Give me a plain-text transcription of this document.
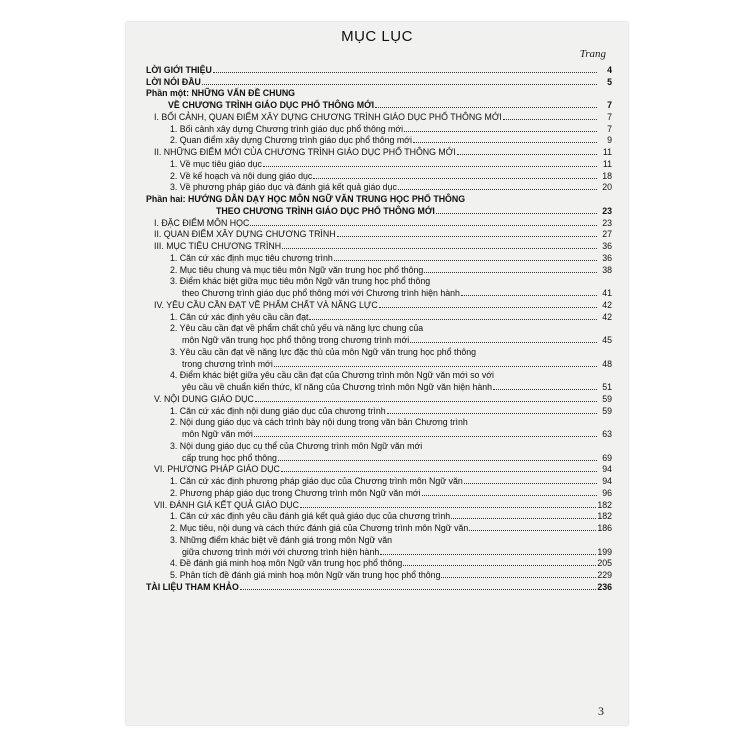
MỤC LỤC
Trang
LỜI GIỚI THIỆU	4
LỜI NÓI ĐẦU	5
Phần một: NHỮNG VẤN ĐỀ CHUNG
VỀ CHƯƠNG TRÌNH GIÁO DỤC PHỔ THÔNG MỚI	7
I. BỐI CẢNH, QUAN ĐIỂM XÂY DỰNG CHƯƠNG TRÌNH GIÁO DỤC PHỔ THÔNG MỚI	7
1. Bối cảnh xây dựng Chương trình giáo dục phổ thông mới	7
2. Quan điểm xây dựng Chương trình giáo dục phổ thông mới	9
II. NHỮNG ĐIỂM MỚI CỦA CHƯƠNG TRÌNH GIÁO DỤC PHỔ THÔNG MỚI	11
1. Về mục tiêu giáo dục	11
2. Về kế hoạch và nội dung giáo dục	18
3. Về phương pháp giáo dục và đánh giá kết quả giáo dục	20
Phần hai: HƯỚNG DẪN DẠY HỌC MÔN NGỮ VĂN TRUNG HỌC PHỔ THÔNG
THEO CHƯƠNG TRÌNH GIÁO DỤC PHỔ THÔNG MỚI	23
I. ĐẶC ĐIỂM MÔN HỌC	23
II. QUAN ĐIỂM XÂY DỰNG CHƯƠNG TRÌNH	27
III. MỤC TIÊU CHƯƠNG TRÌNH	36
1. Căn cứ xác định mục tiêu chương trình	36
2. Mục tiêu chung và mục tiêu môn Ngữ văn trung học phổ thông	38
3. Điểm khác biệt giữa mục tiêu môn Ngữ văn trung học phổ thông
theo Chương trình giáo dục phổ thông mới với Chương trình hiện hành	41
IV. YÊU CẦU CẦN ĐẠT VỀ PHẨM CHẤT VÀ NĂNG LỰC	42
1. Căn cứ xác định yêu cầu cần đạt	42
2. Yêu cầu cần đạt về phẩm chất chủ yếu và năng lực chung của
môn Ngữ văn trung học phổ thông trong chương trình mới	45
3. Yêu cầu cần đạt về năng lực đặc thù của môn Ngữ văn trung học phổ thông
trong chương trình mới	48
4. Điểm khác biệt giữa yêu cầu cần đạt của Chương trình môn Ngữ văn mới so với
yêu cầu về chuẩn kiến thức, kĩ năng của Chương trình môn Ngữ văn hiện hành	51
V. NỘI DUNG GIÁO DỤC	59
1. Căn cứ xác định nội dung giáo dục của chương trình	59
2. Nội dung giáo dục và cách trình bày nội dung trong văn bản Chương trình
môn Ngữ văn mới	63
3. Nội dung giáo dục cụ thể của Chương trình môn Ngữ văn mới
cấp trung học phổ thông	69
VI. PHƯƠNG PHÁP GIÁO DỤC	94
1. Căn cứ xác định phương pháp giáo dục của Chương trình môn Ngữ văn	94
2. Phương pháp giáo dục trong Chương trình môn Ngữ văn mới	96
VII. ĐÁNH GIÁ KẾT QUẢ GIÁO DỤC	182
1. Căn cứ xác định yêu cầu đánh giá kết quả giáo dục của chương trình	182
2. Mục tiêu, nội dung và cách thức đánh giá của Chương trình môn Ngữ văn	186
3. Những điểm khác biệt về đánh giá trong môn Ngữ văn
giữa chương trình mới với chương trình hiện hành	199
4. Đề đánh giá minh hoạ môn Ngữ văn trung học phổ thông	205
5. Phân tích đề đánh giá minh hoạ môn Ngữ văn trung học phổ thông	229
TÀI LIỆU THAM KHẢO	236
3
